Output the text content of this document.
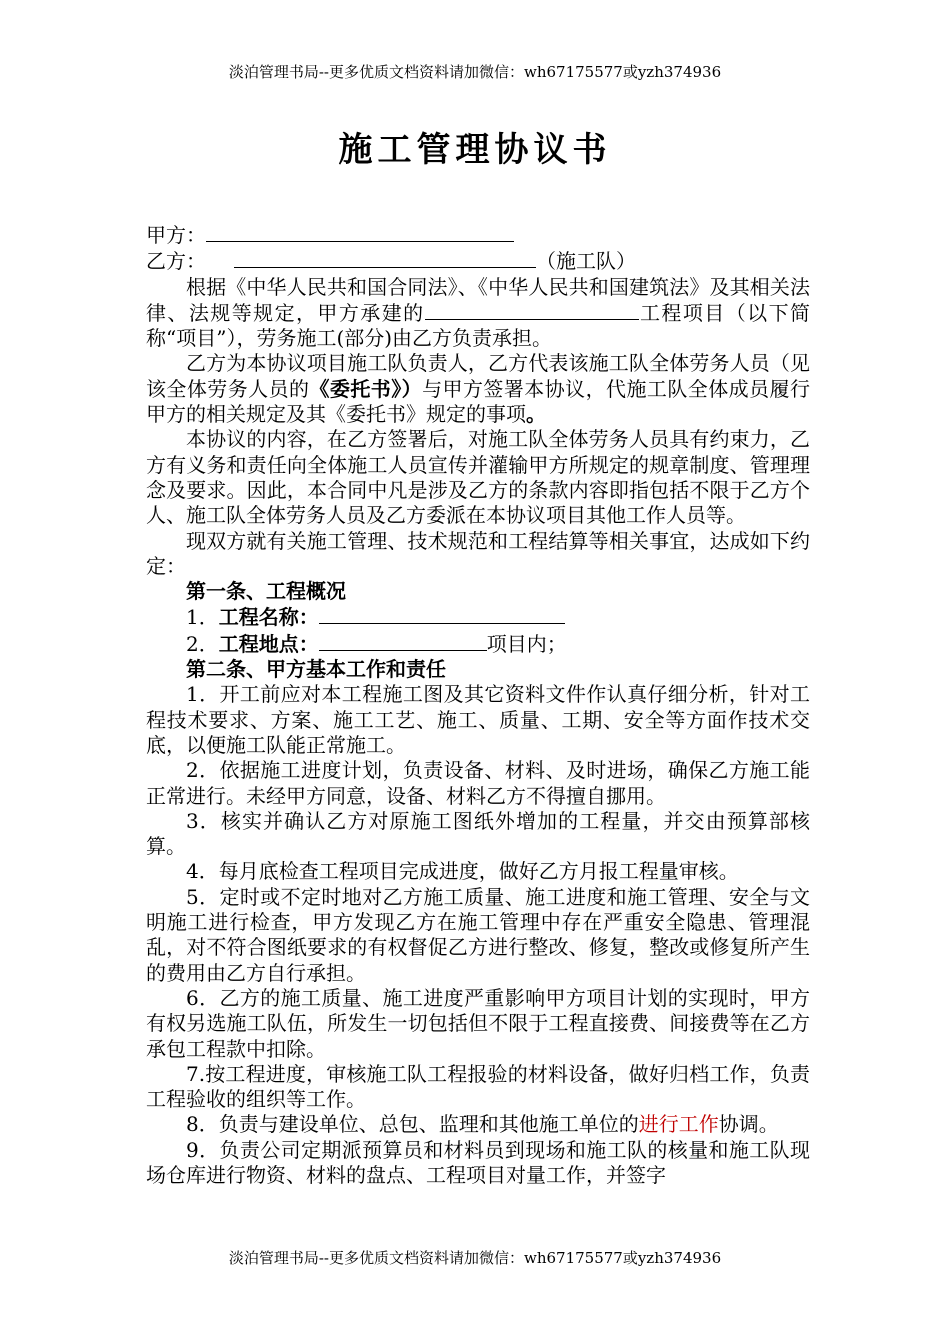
淡泊管理书局--更多优质文档资料请加微信：wh67175577或yzh374936
施工管理协议书
甲方：
乙方：	（施工队）
根据《中华人民共和国合同法》、《中华人民共和国建筑法》及其相关法律、法规等规定，甲方承建的	工程项目（以下简称“项目”），劳务施工(部分)由乙方负责承担。
乙方为本协议项目施工队负责人，乙方代表该施工队全体劳务人员（见该全体劳务人员的《委托书》）与甲方签署本协议，代施工队全体成员履行甲方的相关规定及其《委托书》规定的事项。
本协议的内容，在乙方签署后，对施工队全体劳务人员具有约束力，乙方有义务和责任向全体施工人员宣传并灌输甲方所规定的规章制度、管理理念及要求。因此，本合同中凡是涉及乙方的条款内容即指包括不限于乙方个人、施工队全体劳务人员及乙方委派在本协议项目其他工作人员等。
现双方就有关施工管理、技术规范和工程结算等相关事宜，达成如下约定：
第一条、工程概况
1．工程名称：
2．工程地点：	项目内；
第二条、甲方基本工作和责任
1．开工前应对本工程施工图及其它资料文件作认真仔细分析，针对工程技术要求、方案、施工工艺、施工、质量、工期、安全等方面作技术交底，以便施工队能正常施工。
2．依据施工进度计划，负责设备、材料、及时进场，确保乙方施工能正常进行。未经甲方同意，设备、材料乙方不得擅自挪用。
3．核实并确认乙方对原施工图纸外增加的工程量，并交由预算部核算。
4．每月底检查工程项目完成进度，做好乙方月报工程量审核。
5．定时或不定时地对乙方施工质量、施工进度和施工管理、安全与文明施工进行检查，甲方发现乙方在施工管理中存在严重安全隐患、管理混乱，对不符合图纸要求的有权督促乙方进行整改、修复，整改或修复所产生的费用由乙方自行承担。
6．乙方的施工质量、施工进度严重影响甲方项目计划的实现时，甲方有权另选施工队伍，所发生一切包括但不限于工程直接费、间接费等在乙方承包工程款中扣除。
7.按工程进度，审核施工队工程报验的材料设备，做好归档工作，负责工程验收的组织等工作。
8．负责与建设单位、总包、监理和其他施工单位的进行工作协调。
9．负责公司定期派预算员和材料员到现场和施工队的核量和施工队现场仓库进行物资、材料的盘点、工程项目对量工作，并签字
淡泊管理书局--更多优质文档资料请加微信：wh67175577或yzh374936
